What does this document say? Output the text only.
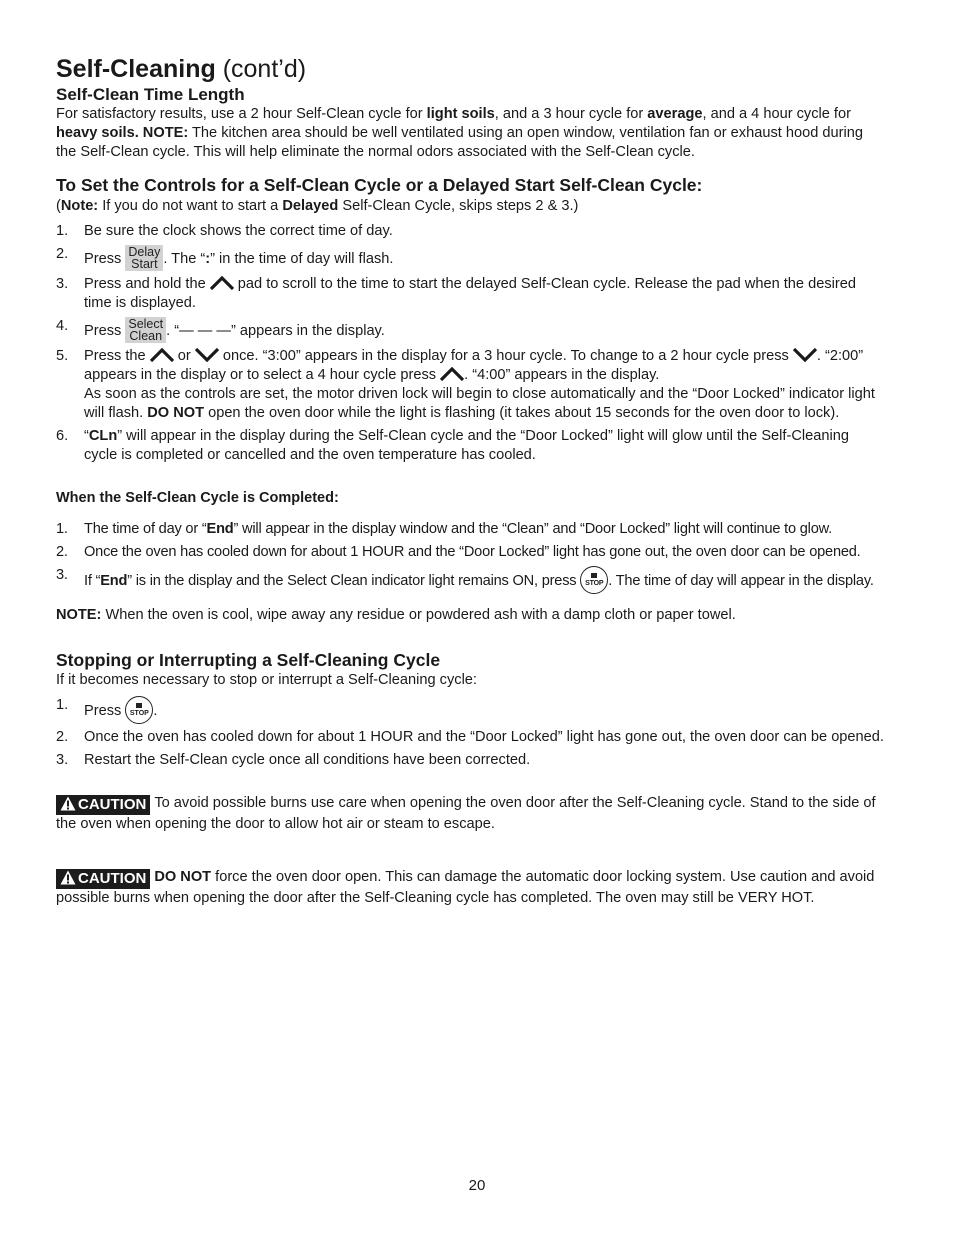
Self-Cleaning (cont’d)
Self-Clean Time Length

For satisfactory results, use a 2 hour Self-Clean cycle for light soils, and a 3 hour cycle for average, and a 4 hour cycle for heavy soils. NOTE: The kitchen area should be well ventilated using an open window, ventilation fan or exhaust hood during the Self-Clean cycle. This will help eliminate the normal odors associated with the Self-Clean cycle.

To Set the Controls for a Self-Clean Cycle or a Delayed Start Self-Clean Cycle:

(Note: If you do not want to start a Delayed Self-Clean Cycle, skips steps 2 & 3.)

1. Be sure the clock shows the correct time of day.
2. Press Delay
Start . The “:” in the time of day will flash.
3. Press and hold the  pad to scroll to the time to start the delayed Self-Clean cycle. Release the pad when the desired time is displayed.
4. Press Select
Clean . “— — —” appears in the display.
5. Press the  or  once. “3:00” appears in the display for a 3 hour cycle. To change to a 2 hour cycle press . “2:00” appears in the display or to select a 4 hour cycle press . “4:00” appears in the display.
As soon as the controls are set, the motor driven lock will begin to close automatically and the “Door Locked” indicator light will flash. DO NOT open the oven door while the light is flashing (it takes about 15 seconds for the oven door to lock).
6. “CLn” will appear in the display during the Self-Clean cycle and the “Door Locked” light will glow until the Self-Cleaning cycle is completed or cancelled and the oven temperature has cooled.
When the Self-Clean Cycle is Completed:
1. The time of day or “End” will appear in the display window and the “Clean” and “Door Locked” light will continue to glow.
2. Once the oven has cooled down for about 1 HOUR and the “Door Locked” light has gone out, the oven door can be opened.
3. If “End” is in the display and the Select Clean indicator light remains ON, press STOP . The time of day will appear in the display.

NOTE: When the oven is cool, wipe away any residue or powdered ash with a damp cloth or paper towel.

Stopping or Interrupting a Self-Cleaning Cycle

If it becomes necessary to stop or interrupt a Self-Cleaning cycle:

1. Press STOP .
2. Once the oven has cooled down for about 1 HOUR and the “Door Locked” light has gone out, the oven door can be opened.
3. Restart the Self-Clean cycle once all conditions have been corrected.

CAUTION To avoid possible burns use care when opening the oven door after the Self-Cleaning cycle. Stand to the side of the oven when opening the door to allow hot air or steam to escape.

CAUTION DO NOT force the oven door open. This can damage the automatic door locking system. Use caution and avoid possible burns when opening the door after the Self-Cleaning cycle has completed. The oven may still be VERY HOT.

20
